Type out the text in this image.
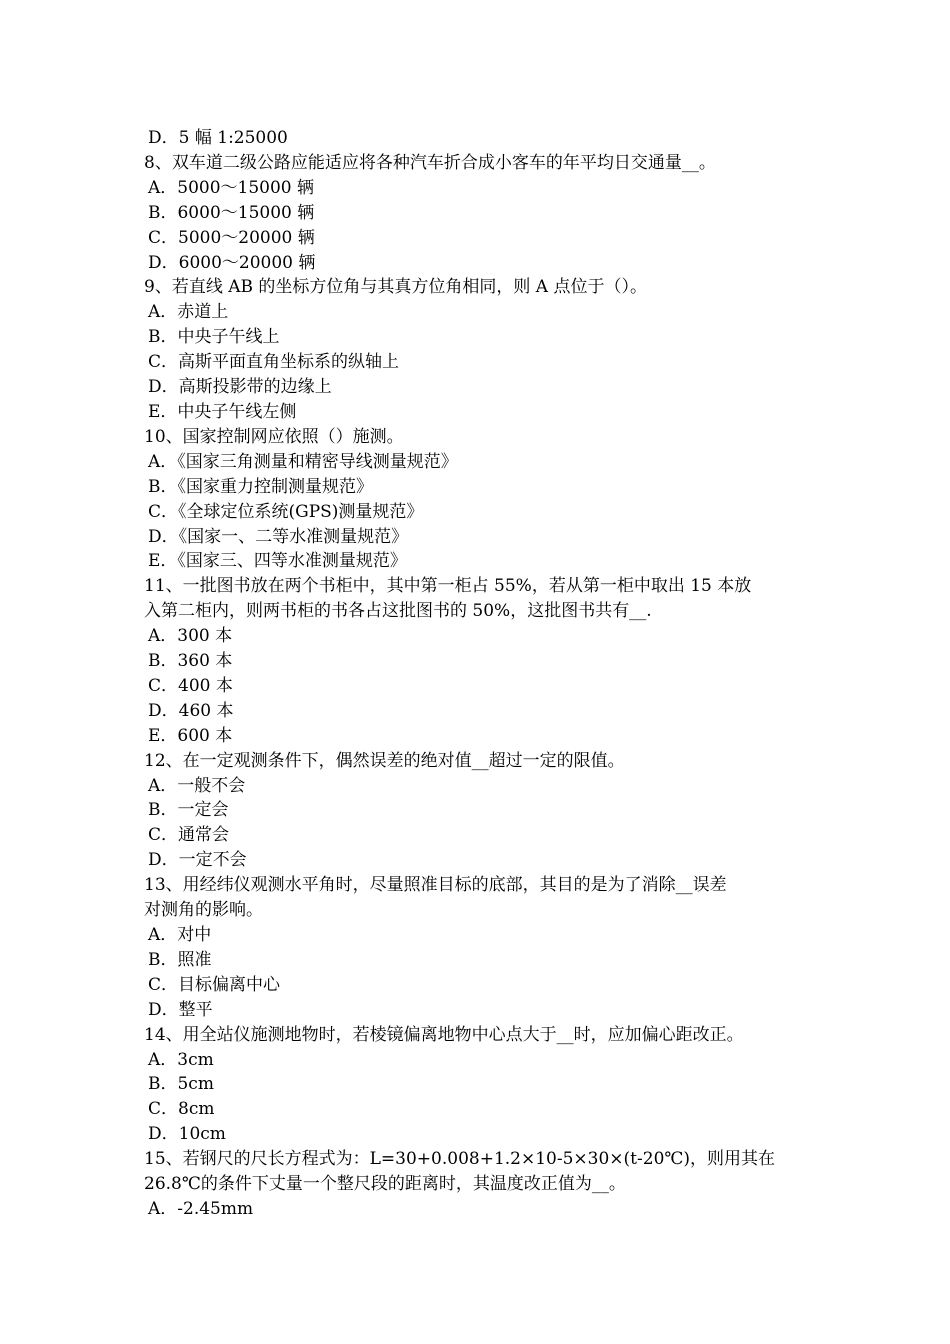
D．5 幅 1:25000
8、双车道二级公路应能适应将各种汽车折合成小客车的年平均日交通量__。
A．5000～15000 辆
B．6000～15000 辆
C．5000～20000 辆
D．6000～20000 辆
9、若直线 AB 的坐标方位角与其真方位角相同，则 A 点位于（）。
A．赤道上
B．中央子午线上
C．高斯平面直角坐标系的纵轴上
D．高斯投影带的边缘上
E．中央子午线左侧
10、国家控制网应依照（）施测。
A．《国家三角测量和精密导线测量规范》
B．《国家重力控制测量规范》
C．《全球定位系统(GPS)测量规范》
D．《国家一、二等水准测量规范》
E．《国家三、四等水准测量规范》
11、一批图书放在两个书柜中，其中第一柜占 55%，若从第一柜中取出 15 本放
入第二柜内，则两书柜的书各占这批图书的 50%，这批图书共有__.
A．300 本
B．360 本
C．400 本
D．460 本
E．600 本
12、在一定观测条件下，偶然误差的绝对值__超过一定的限值。
A．一般不会
B．一定会
C．通常会
D．一定不会
13、用经纬仪观测水平角时，尽量照准目标的底部，其目的是为了消除__误差
对测角的影响。
A．对中
B．照准
C．目标偏离中心
D．整平
14、用全站仪施测地物时，若棱镜偏离地物中心点大于__时，应加偏心距改正。
A．3cm
B．5cm
C．8cm
D．10cm
15、若钢尺的尺长方程式为：L=30+0.008+1.2×10-5×30×(t-20℃)，则用其在
26.8℃的条件下丈量一个整尺段的距离时，其温度改正值为__。
A．-2.45mm
